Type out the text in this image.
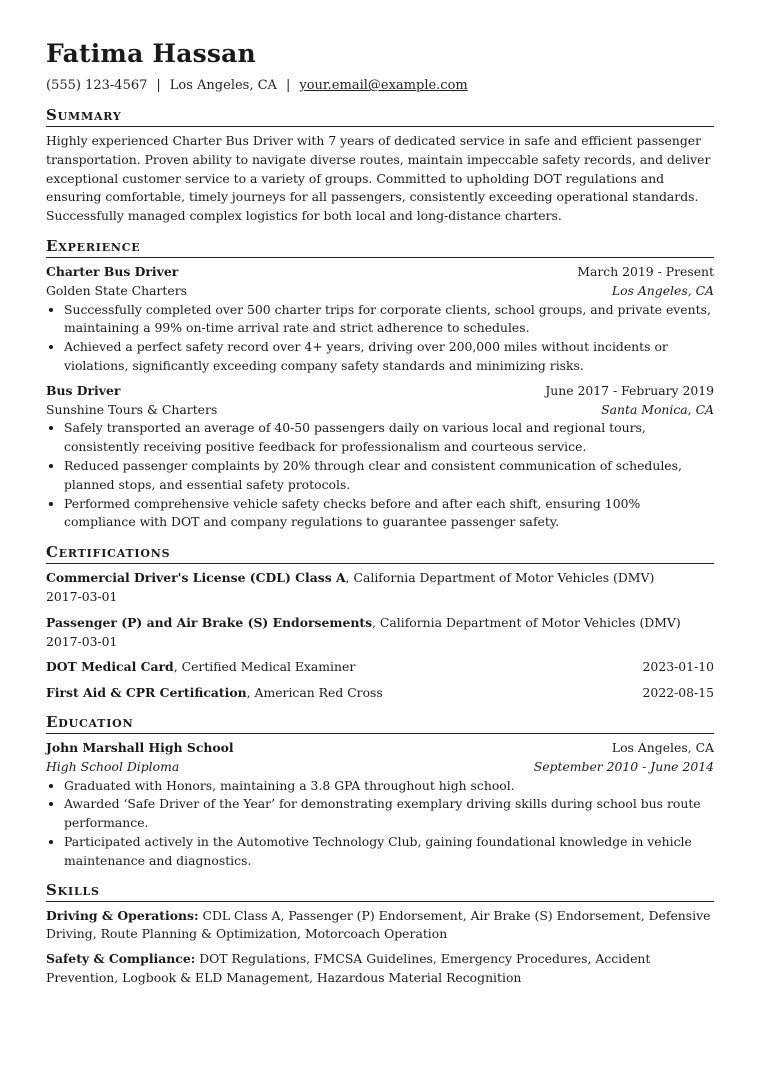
Fatima Hassan
(555) 123-4567 | Los Angeles, CA | your.email@example.com
Summary
Highly experienced Charter Bus Driver with 7 years of dedicated service in safe and efficient passenger transportation. Proven ability to navigate diverse routes, maintain impeccable safety records, and deliver exceptional customer service to a variety of groups. Committed to upholding DOT regulations and ensuring comfortable, timely journeys for all passengers, consistently exceeding operational standards. Successfully managed complex logistics for both local and long-distance charters.
Experience
Charter Bus Driver	March 2019 - Present
Golden State Charters	Los Angeles, CA
• Successfully completed over 500 charter trips for corporate clients, school groups, and private events, maintaining a 99% on-time arrival rate and strict adherence to schedules.
• Achieved a perfect safety record over 4+ years, driving over 200,000 miles without incidents or violations, significantly exceeding company safety standards and minimizing risks.
Bus Driver	June 2017 - February 2019
Sunshine Tours & Charters	Santa Monica, CA
• Safely transported an average of 40-50 passengers daily on various local and regional tours, consistently receiving positive feedback for professionalism and courteous service.
• Reduced passenger complaints by 20% through clear and consistent communication of schedules, planned stops, and essential safety protocols.
• Performed comprehensive vehicle safety checks before and after each shift, ensuring 100% compliance with DOT and company regulations to guarantee passenger safety.
Certifications
Commercial Driver's License (CDL) Class A, California Department of Motor Vehicles (DMV)
2017-03-01
Passenger (P) and Air Brake (S) Endorsements, California Department of Motor Vehicles (DMV)
2017-03-01
DOT Medical Card, Certified Medical Examiner	2023-01-10
First Aid & CPR Certification, American Red Cross	2022-08-15
Education
John Marshall High School	Los Angeles, CA
High School Diploma	September 2010 - June 2014
• Graduated with Honors, maintaining a 3.8 GPA throughout high school.
• Awarded ‘Safe Driver of the Year’ for demonstrating exemplary driving skills during school bus route performance.
• Participated actively in the Automotive Technology Club, gaining foundational knowledge in vehicle maintenance and diagnostics.
Skills
Driving & Operations: CDL Class A, Passenger (P) Endorsement, Air Brake (S) Endorsement, Defensive Driving, Route Planning & Optimization, Motorcoach Operation
Safety & Compliance: DOT Regulations, FMCSA Guidelines, Emergency Procedures, Accident Prevention, Logbook & ELD Management, Hazardous Material Recognition
